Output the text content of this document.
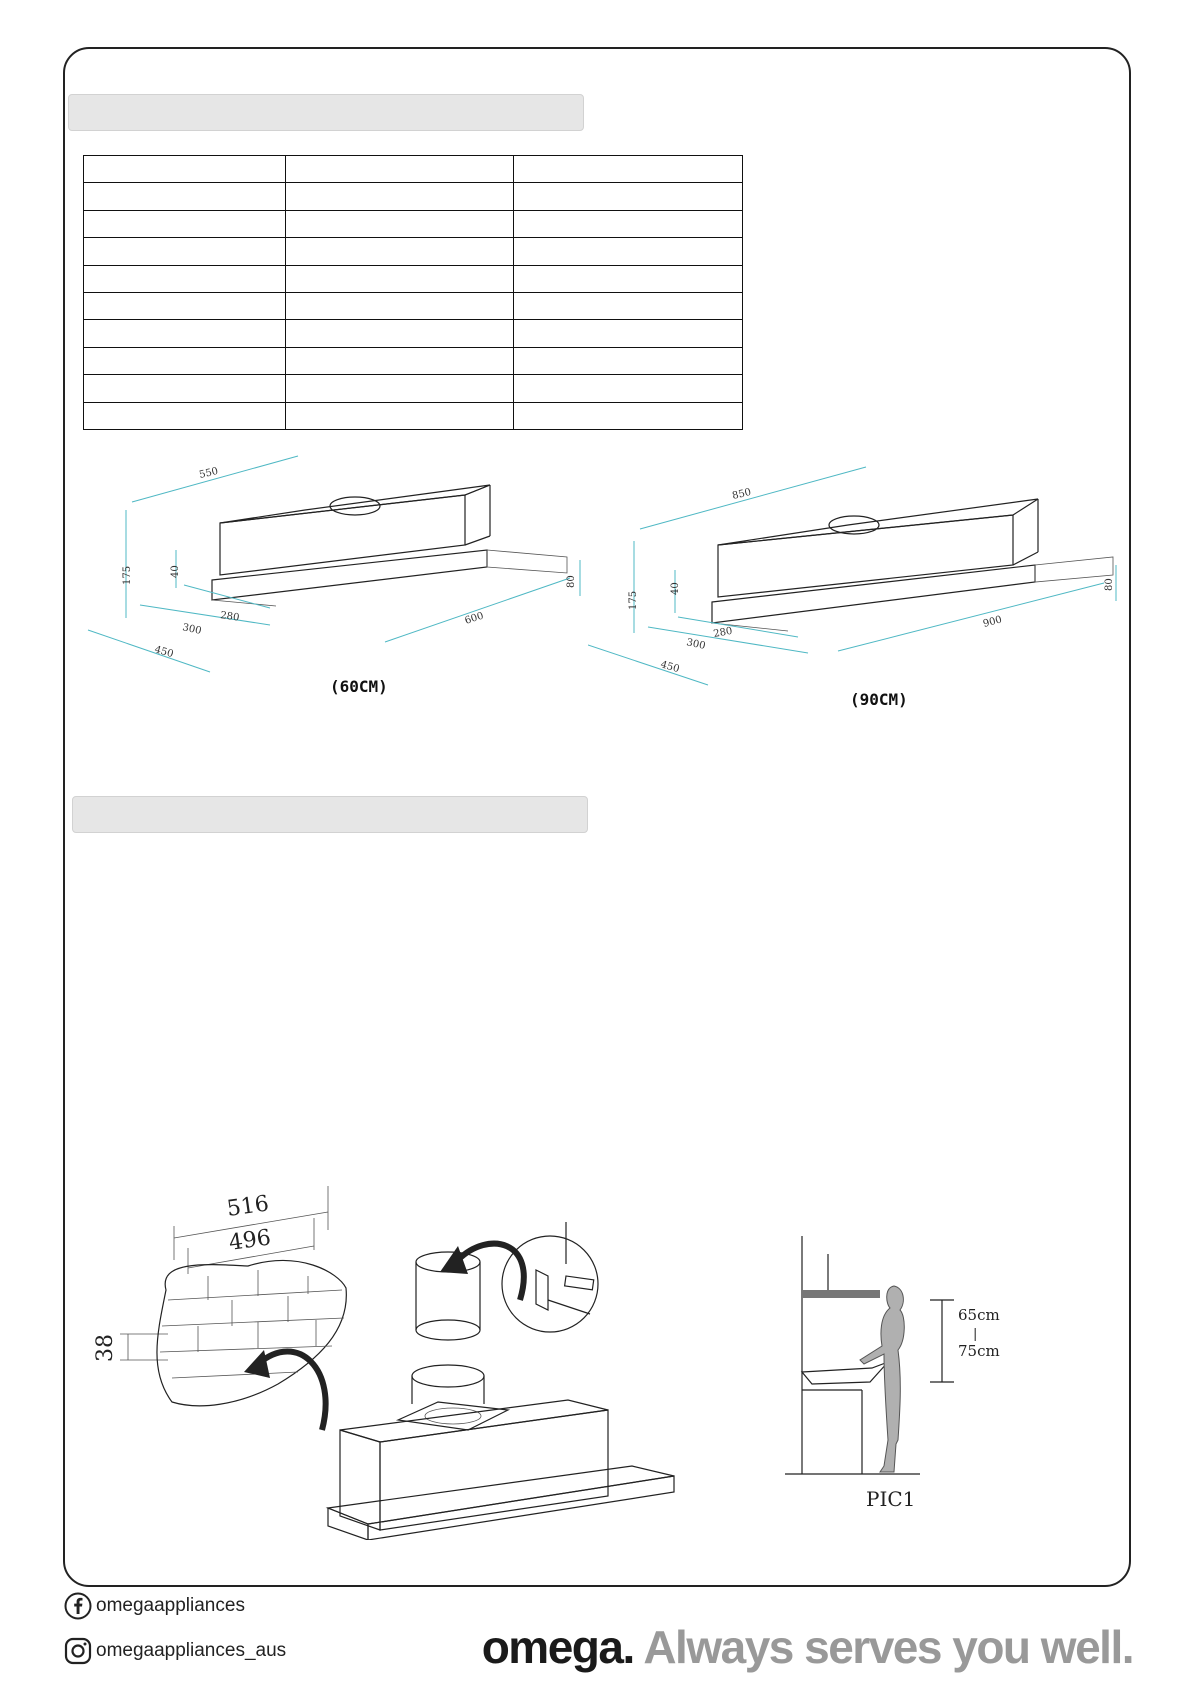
550
175	40
80
280
300
450
600
(60CM)
850
175
40	80
280
300
450
900
(90CM)
516
496
38
65cm
|
75cm
PIC1
omegaappliances
omegaappliances_aus	omega. Always serves you well.
